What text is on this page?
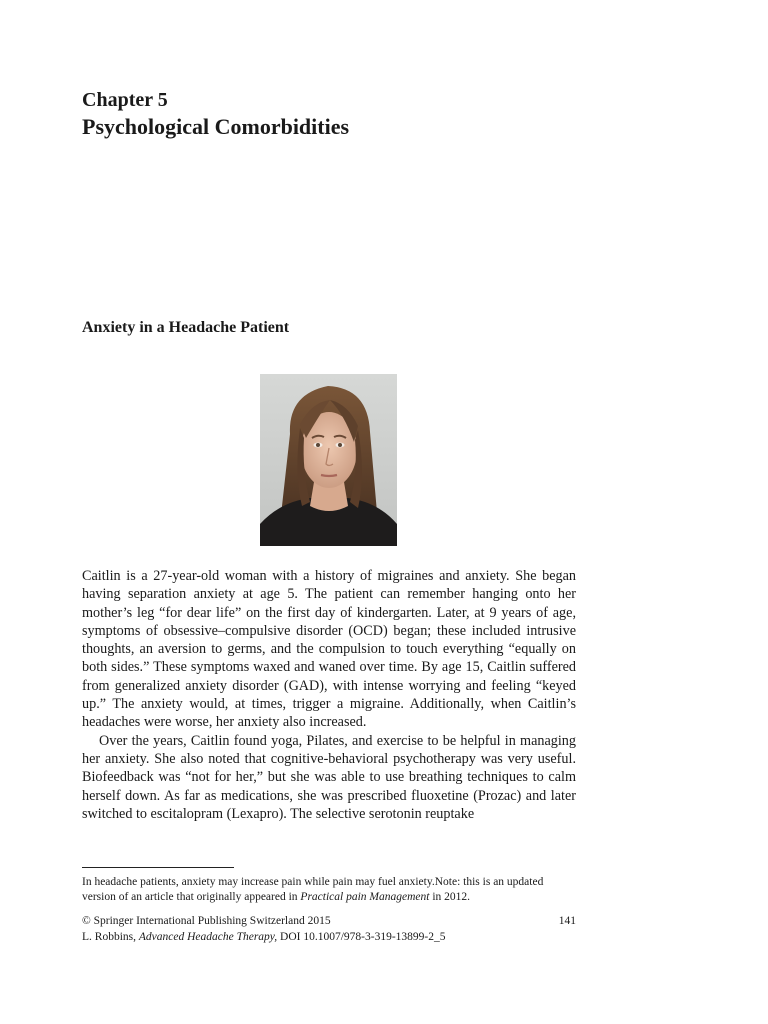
Chapter 5
Psychological Comorbidities
Anxiety in a Headache Patient

Caitlin is a 27-year-old woman with a history of migraines and anxiety. She began having separation anxiety at age 5. The patient can remember hanging onto her mother’s leg “for dear life” on the first day of kindergarten. Later, at 9 years of age, symptoms of obsessive–compulsive disorder (OCD) began; these included intrusive thoughts, an aversion to germs, and the compulsion to touch everything “equally on both sides.” These symptoms waxed and waned over time. By age 15, Caitlin suffered from generalized anxiety disorder (GAD), with intense worrying and feeling “keyed up.” The anxiety would, at times, trigger a migraine. Additionally, when Caitlin’s headaches were worse, her anxiety also increased.

Over the years, Caitlin found yoga, Pilates, and exercise to be helpful in managing her anxiety. She also noted that cognitive-behavioral psychotherapy was very useful. Biofeedback was “not for her,” but she was able to use breathing techniques to calm herself down. As far as medications, she was prescribed fluoxetine (Prozac) and later switched to escitalopram (Lexapro). The selective serotonin reuptake

In headache patients, anxiety may increase pain while pain may fuel anxiety.Note: this is an updated version of an article that originally appeared in Practical pain Management in 2012.
© Springer International Publishing Switzerland 2015	141
L. Robbins, Advanced Headache Therapy, DOI 10.1007/978-3-319-13899-2_5
